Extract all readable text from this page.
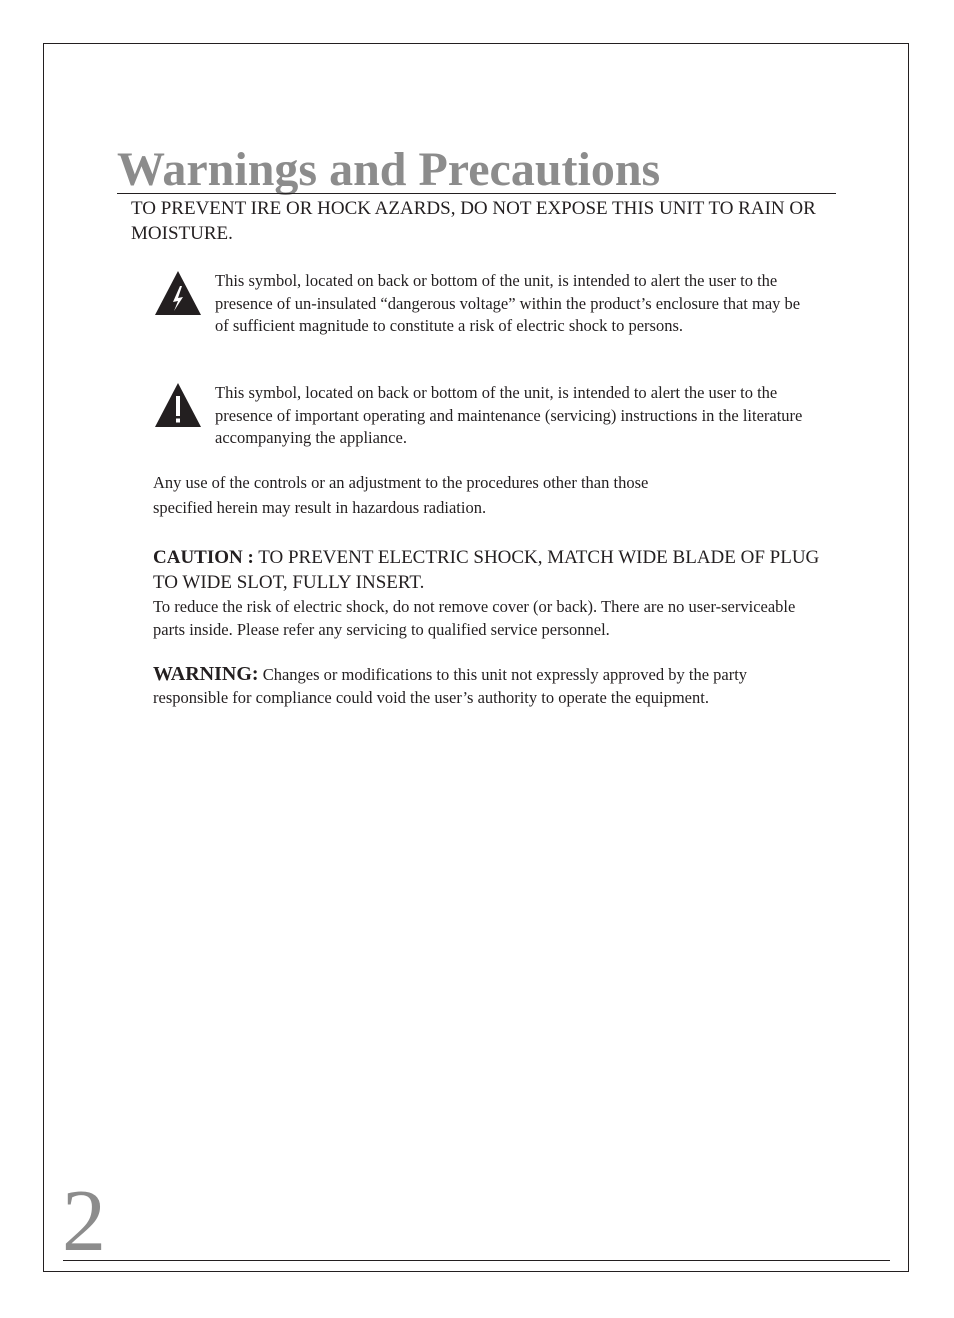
Warnings and Precautions
TO PREVENT IRE OR HOCK AZARDS, DO NOT EXPOSE THIS UNIT TO RAIN OR MOISTURE.
This symbol, located on back or bottom of the unit, is intended to alert the user to the presence of un-insulated “dangerous voltage” within the product’s enclosure that may be of sufficient magnitude to constitute a risk of electric shock to persons.
This symbol, located on back or bottom of the unit, is intended to alert the user to the presence of important operating and maintenance (servicing) instructions in the literature accompanying the appliance.
Any use of the controls or an adjustment to the procedures other than those
specified herein may result in hazardous radiation.
CAUTION : TO PREVENT ELECTRIC SHOCK, MATCH WIDE BLADE OF PLUG TO WIDE SLOT, FULLY INSERT.
To reduce the risk of electric shock, do not remove cover (or back). There are no user-serviceable parts inside. Please refer any servicing to qualified service personnel.
WARNING: Changes or modifications to this unit not expressly approved by the party responsible for compliance could void the user’s authority to operate the equipment.
2
